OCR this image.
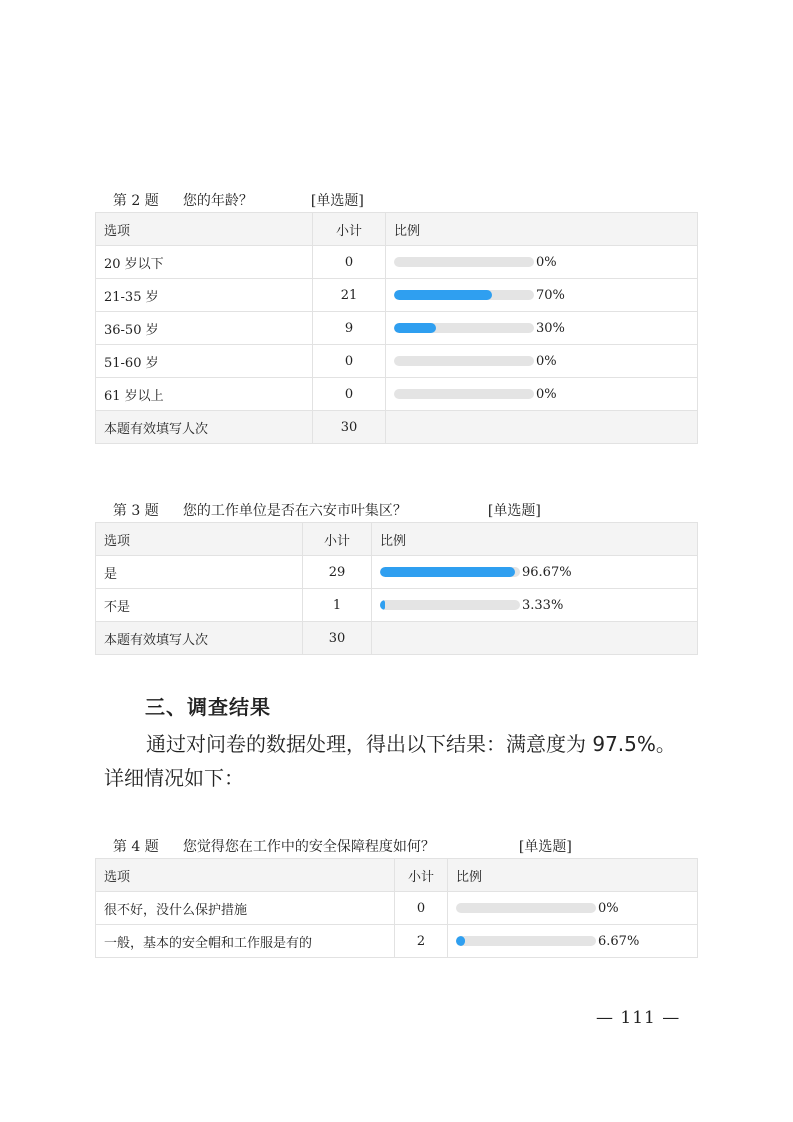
第 2 题 您的年龄？	[单选题]

选项	小计	比例
20 岁以下	0	0%

21-35 岁	21	70%

36-50 岁	9	30%

51-60 岁	0	0%

61 岁以上	0	0%

本题有效填写人次	30	

第 3 题 您的工作单位是否在六安市叶集区？	[单选题]

选项	小计	比例
是	29	96.67%

不是	1	3.33%

本题有效填写人次	30	
三、调查结果
通过对问卷的数据处理，得出以下结果：满意度为 97.5%。
详细情况如下：

第 4 题 您觉得您在工作中的安全保障程度如何？	[单选题]

选项	小计	比例
很不好，没什么保护措施	0	0%

一般，基本的安全帽和工作服是有的	2	6.67%
— 111 —
